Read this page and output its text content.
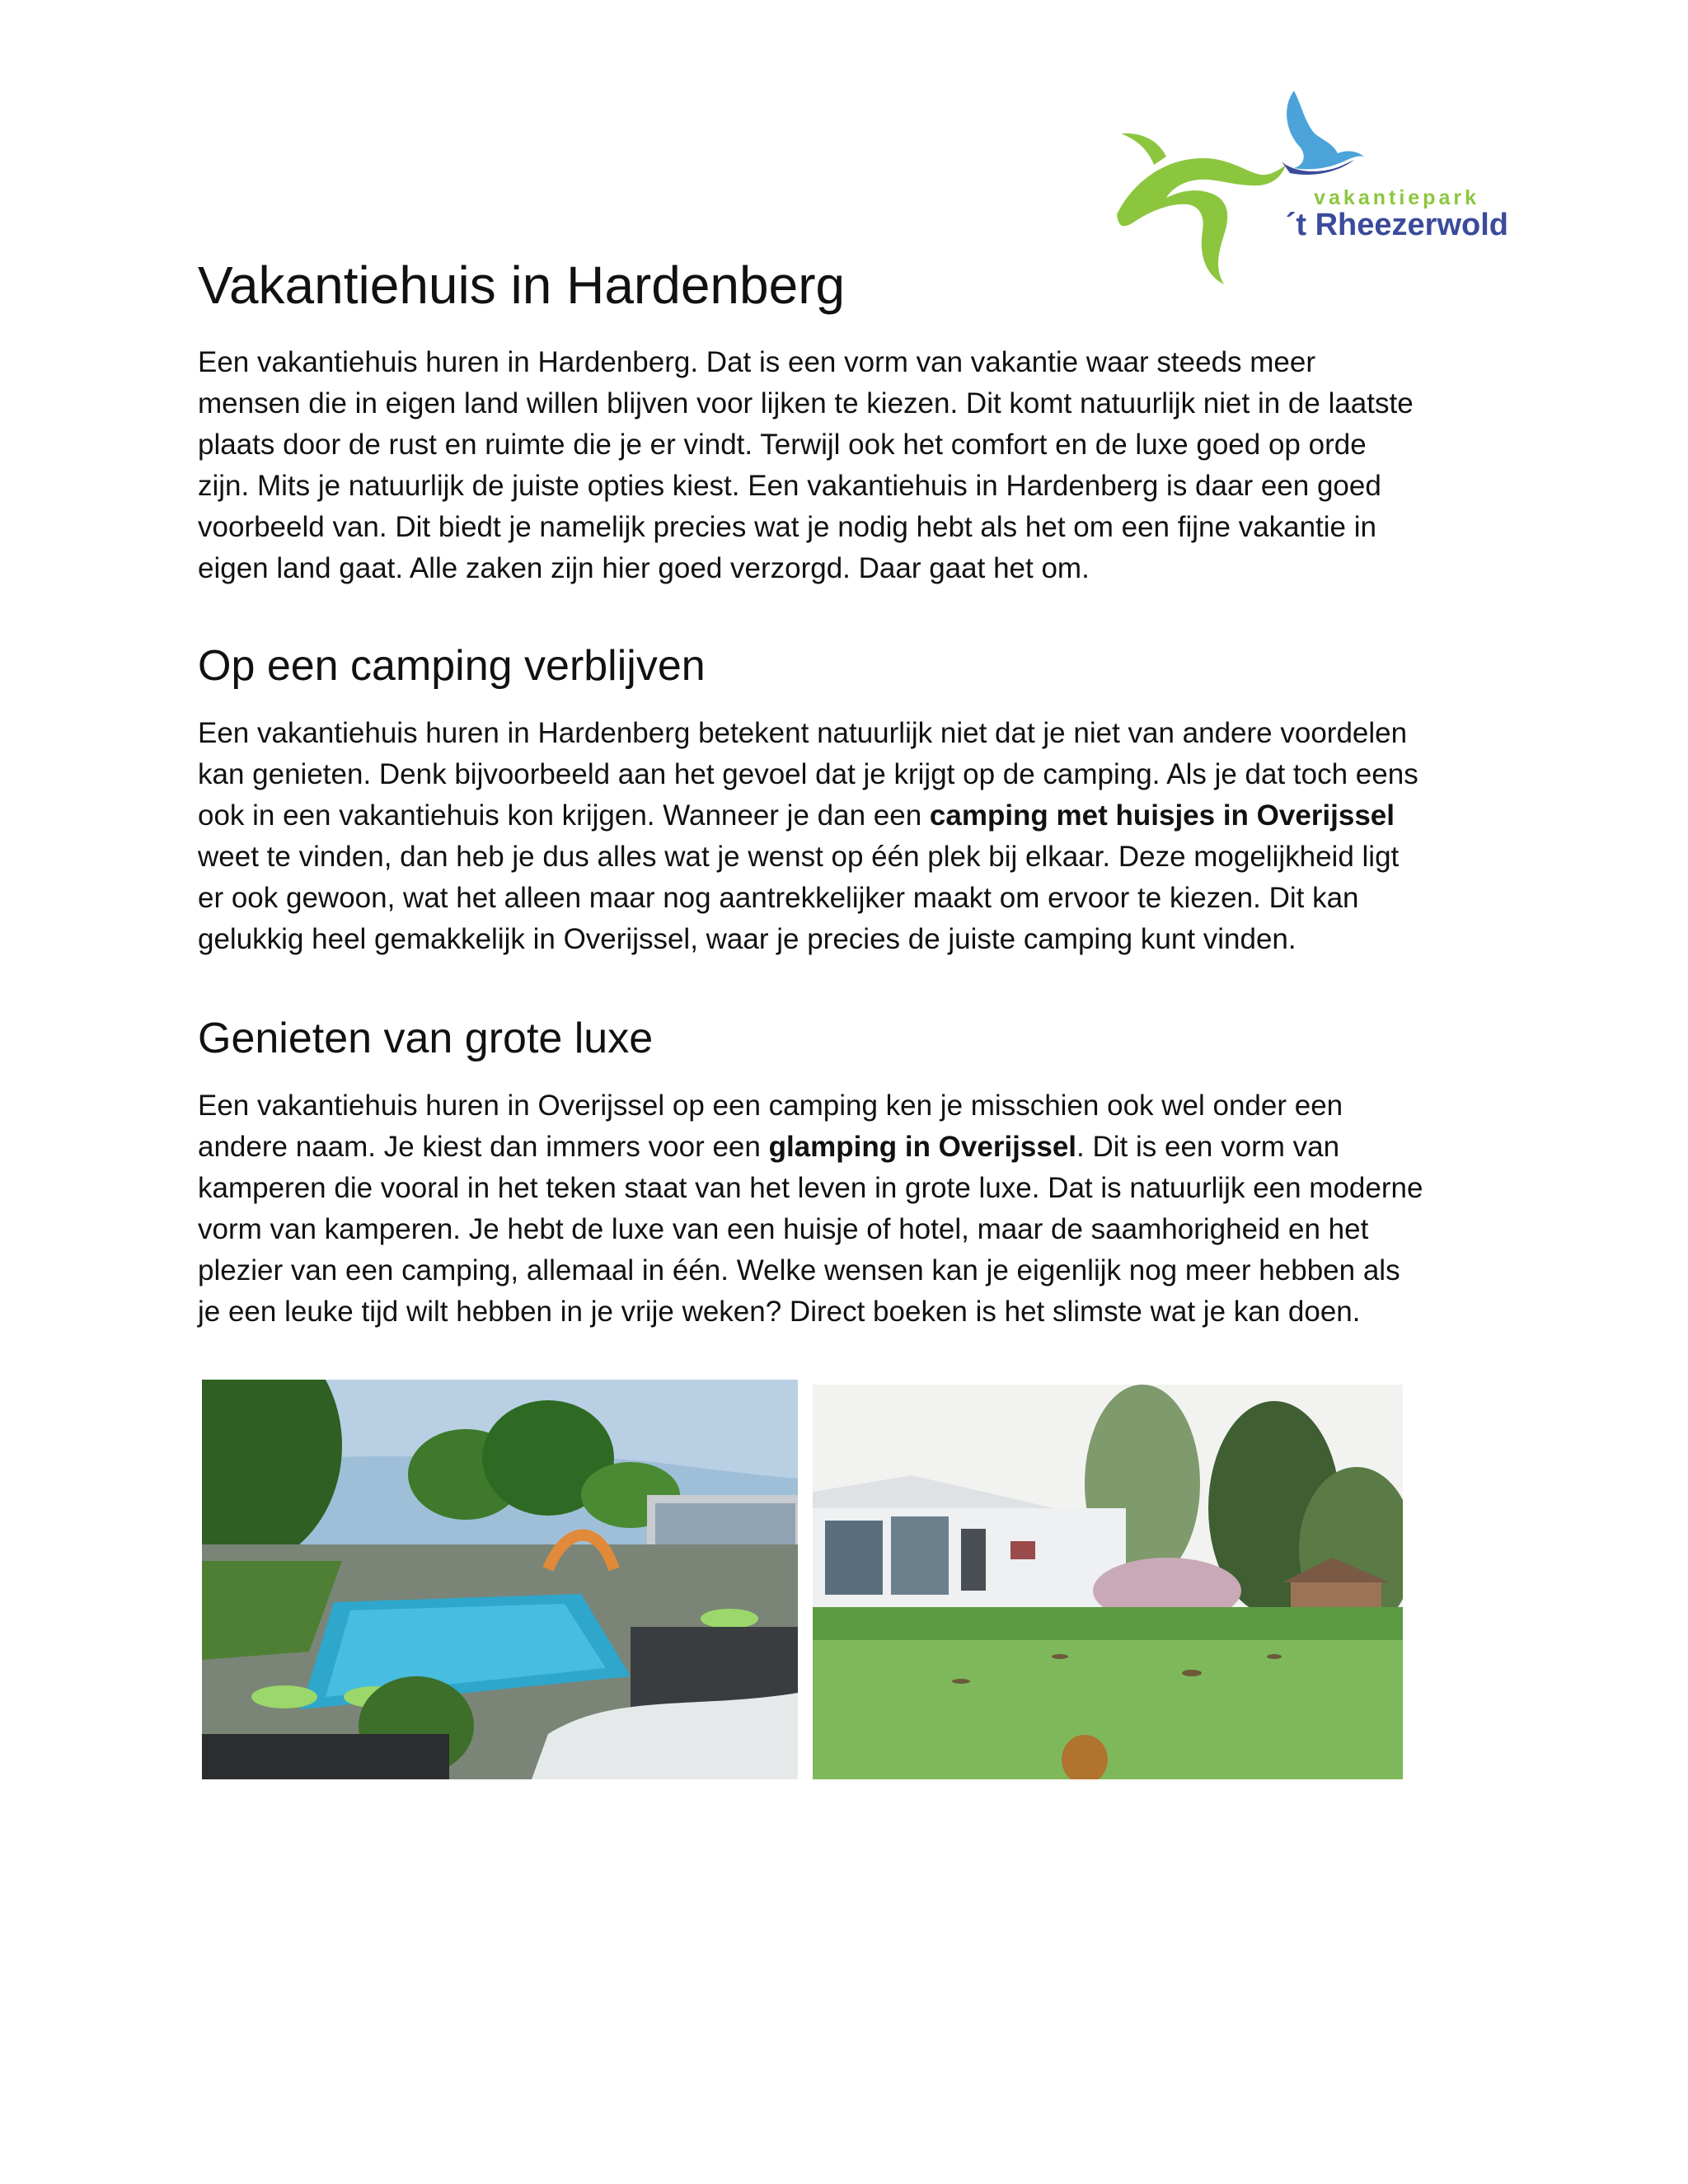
vakantiepark
´t Rheezerwold
Vakantiehuis in Hardenberg
Een vakantiehuis huren in Hardenberg. Dat is een vorm van vakantie waar steeds meer
mensen die in eigen land willen blijven voor lijken te kiezen. Dit komt natuurlijk niet in de laatste
plaats door de rust en ruimte die je er vindt. Terwijl ook het comfort en de luxe goed op orde
zijn. Mits je natuurlijk de juiste opties kiest. Een vakantiehuis in Hardenberg is daar een goed
voorbeeld van. Dit biedt je namelijk precies wat je nodig hebt als het om een fijne vakantie in
eigen land gaat. Alle zaken zijn hier goed verzorgd. Daar gaat het om.
Op een camping verblijven
Een vakantiehuis huren in Hardenberg betekent natuurlijk niet dat je niet van andere voordelen
kan genieten. Denk bijvoorbeeld aan het gevoel dat je krijgt op de camping. Als je dat toch eens
ook in een vakantiehuis kon krijgen. Wanneer je dan een camping met huisjes in Overijssel
weet te vinden, dan heb je dus alles wat je wenst op één plek bij elkaar. Deze mogelijkheid ligt
er ook gewoon, wat het alleen maar nog aantrekkelijker maakt om ervoor te kiezen. Dit kan
gelukkig heel gemakkelijk in Overijssel, waar je precies de juiste camping kunt vinden.
Genieten van grote luxe
Een vakantiehuis huren in Overijssel op een camping ken je misschien ook wel onder een
andere naam. Je kiest dan immers voor een glamping in Overijssel. Dit is een vorm van
kamperen die vooral in het teken staat van het leven in grote luxe. Dat is natuurlijk een moderne
vorm van kamperen. Je hebt de luxe van een huisje of hotel, maar de saamhorigheid en het
plezier van een camping, allemaal in één. Welke wensen kan je eigenlijk nog meer hebben als
je een leuke tijd wilt hebben in je vrije weken? Direct boeken is het slimste wat je kan doen.
